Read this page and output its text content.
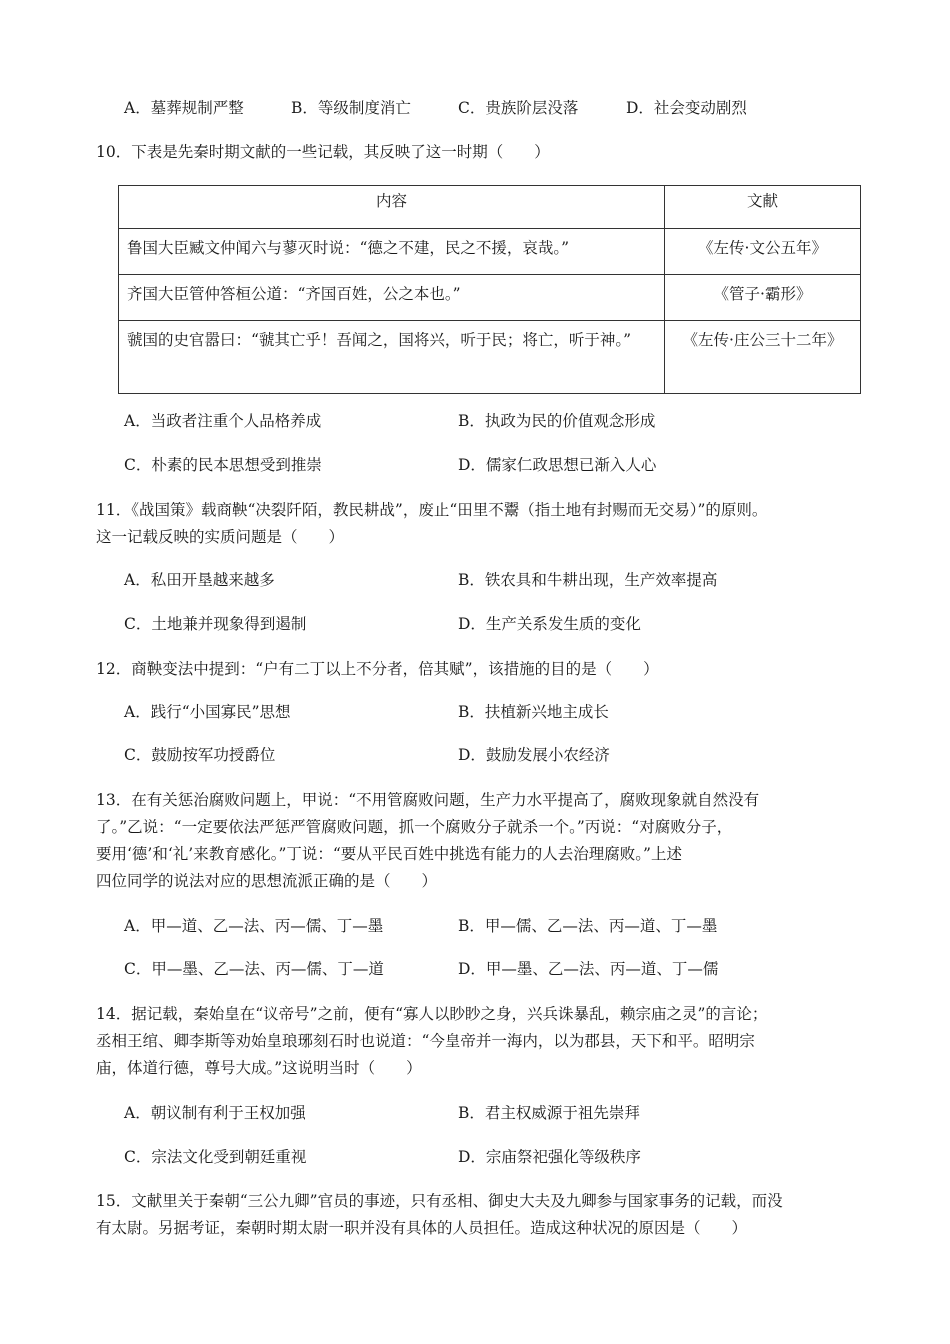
A．墓葬规制严整	B．等级制度消亡	C．贵族阶层没落	D．社会变动剧烈
10．下表是先秦时期文献的一些记载，其反映了这一时期（　　）
内容	文献
鲁国大臣臧文仲闻六与蓼灭时说：“德之不建，民之不援，哀哉。”	《左传·文公五年》
齐国大臣管仲答桓公道：“齐国百姓，公之本也。”	《管子·霸形》
虢国的史官嚣曰：“虢其亡乎！吾闻之，国将兴，听于民；将亡，听于神。”	《左传·庄公三十二年》
A．当政者注重个人品格养成	B．执政为民的价值观念形成
C．朴素的民本思想受到推崇	D．儒家仁政思想已渐入人心
11．《战国策》载商鞅“决裂阡陌，教民耕战”，废止“田里不鬻（指土地有封赐而无交易）”的原则。
这一记载反映的实质问题是（　　）
A．私田开垦越来越多	B．铁农具和牛耕出现，生产效率提高
C．土地兼并现象得到遏制	D．生产关系发生质的变化
12．商鞅变法中提到：“户有二丁以上不分者，倍其赋”，该措施的目的是（　　）
A．践行“小国寡民”思想	B．扶植新兴地主成长
C．鼓励按军功授爵位	D．鼓励发展小农经济
13．在有关惩治腐败问题上，甲说：“不用管腐败问题，生产力水平提高了，腐败现象就自然没有
了。”乙说：“一定要依法严惩严管腐败问题，抓一个腐败分子就杀一个。”丙说：“对腐败分子，
要用‘德’和‘礼’来教育感化。”丁说：“要从平民百姓中挑选有能力的人去治理腐败。”上述
四位同学的说法对应的思想流派正确的是（　　）
A．甲—道、乙—法、丙—儒、丁—墨	B．甲—儒、乙—法、丙—道、丁—墨
C．甲—墨、乙—法、丙—儒、丁—道	D．甲—墨、乙—法、丙—道、丁—儒
14．据记载，秦始皇在“议帝号”之前，便有“寡人以眇眇之身，兴兵诛暴乱，赖宗庙之灵”的言论；
丞相王绾、卿李斯等劝始皇琅琊刻石时也说道：“今皇帝并一海内，以为郡县，天下和平。昭明宗
庙，体道行德，尊号大成。”这说明当时（　　）
A．朝议制有利于王权加强	B．君主权威源于祖先崇拜
C．宗法文化受到朝廷重视	D．宗庙祭祀强化等级秩序
15．文献里关于秦朝“三公九卿”官员的事迹，只有丞相、御史大夫及九卿参与国家事务的记载，而没
有太尉。另据考证，秦朝时期太尉一职并没有具体的人员担任。造成这种状况的原因是（　　）
